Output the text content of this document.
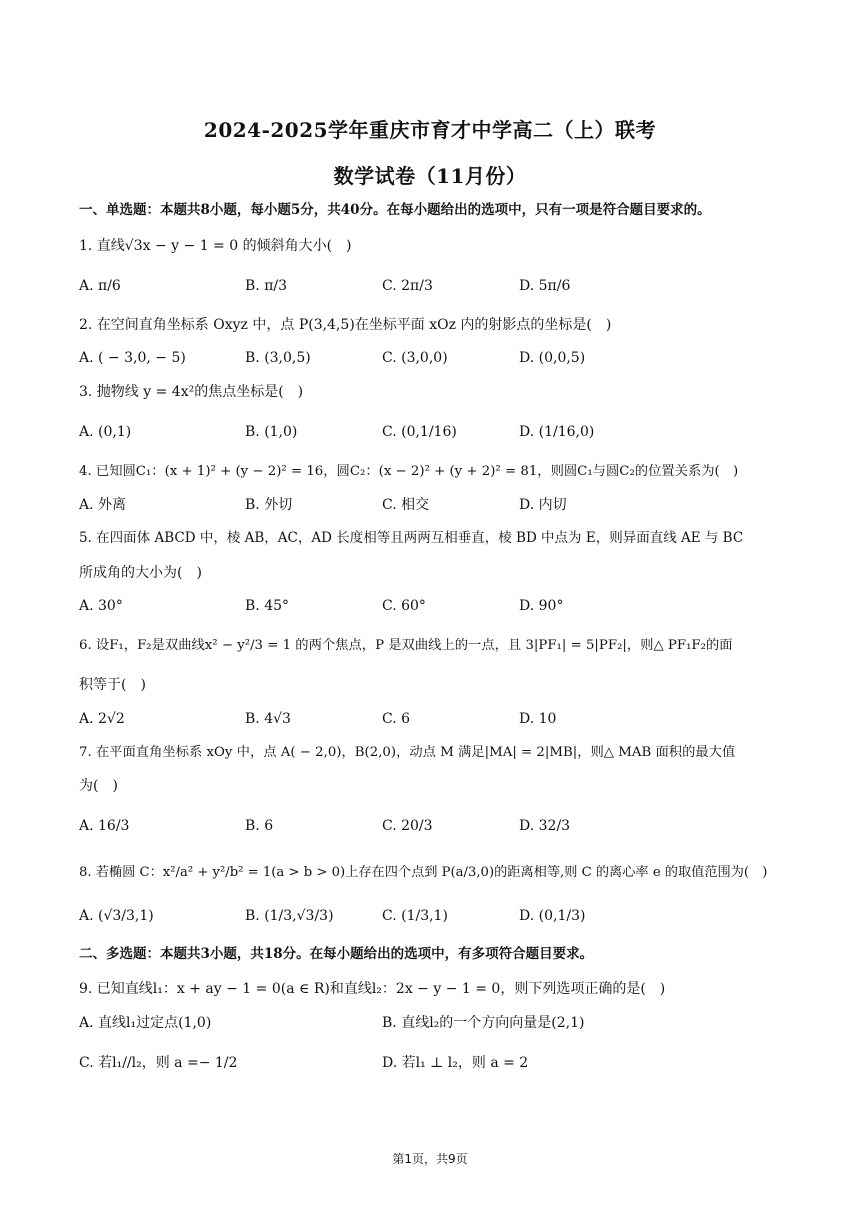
2024-2025学年重庆市育才中学高二（上）联考
数学试卷（11月份）
一、单选题：本题共8小题，每小题5分，共40分。在每小题给出的选项中，只有一项是符合题目要求的。
1. 直线√3x − y − 1 = 0 的倾斜角大小(　)
A. π/6	B. π/3	C. 2π/3	D. 5π/6
2. 在空间直角坐标系 Oxyz 中，点 P(3,4,5)在坐标平面 xOz 内的射影点的坐标是(　)
A. ( − 3,0, − 5)	B. (3,0,5)	C. (3,0,0)	D. (0,0,5)
3. 抛物线 y = 4x²的焦点坐标是(　)
A. (0,1)	B. (1,0)	C. (0,1/16)	D. (1/16,0)
4. 已知圆C₁：(x + 1)² + (y − 2)² = 16，圆C₂：(x − 2)² + (y + 2)² = 81，则圆C₁与圆C₂的位置关系为(　)
A. 外离	B. 外切	C. 相交	D. 内切
5. 在四面体 ABCD 中，棱 AB，AC，AD 长度相等且两两互相垂直，棱 BD 中点为 E，则异面直线 AE 与 BC
所成角的大小为(　)
A. 30°	B. 45°	C. 60°	D. 90°
6. 设F₁，F₂是双曲线x² − y²/3 = 1 的两个焦点，P 是双曲线上的一点，且 3|PF₁| = 5|PF₂|，则△ PF₁F₂的面
积等于(　)
A. 2√2	B. 4√3	C. 6	D. 10
7. 在平面直角坐标系 xOy 中，点 A( − 2,0)，B(2,0)，动点 M 满足|MA| = 2|MB|，则△ MAB 面积的最大值
为(　)
A. 16/3	B. 6	C. 20/3	D. 32/3
8. 若椭圆 C：x²/a² + y²/b² = 1(a > b > 0)上存在四个点到 P(a/3,0)的距离相等,则 C 的离心率 e 的取值范围为(　)
A. (√3/3,1)	B. (1/3,√3/3)	C. (1/3,1)	D. (0,1/3)
二、多选题：本题共3小题，共18分。在每小题给出的选项中，有多项符合题目要求。
9. 已知直线l₁：x + ay − 1 = 0(a ∈ R)和直线l₂：2x − y − 1 = 0，则下列选项正确的是(　)
A. 直线l₁过定点(1,0)	B. 直线l₂的一个方向向量是(2,1)
C. 若l₁//l₂，则 a =− 1/2	D. 若l₁ ⊥ l₂，则 a = 2
第1页，共9页
